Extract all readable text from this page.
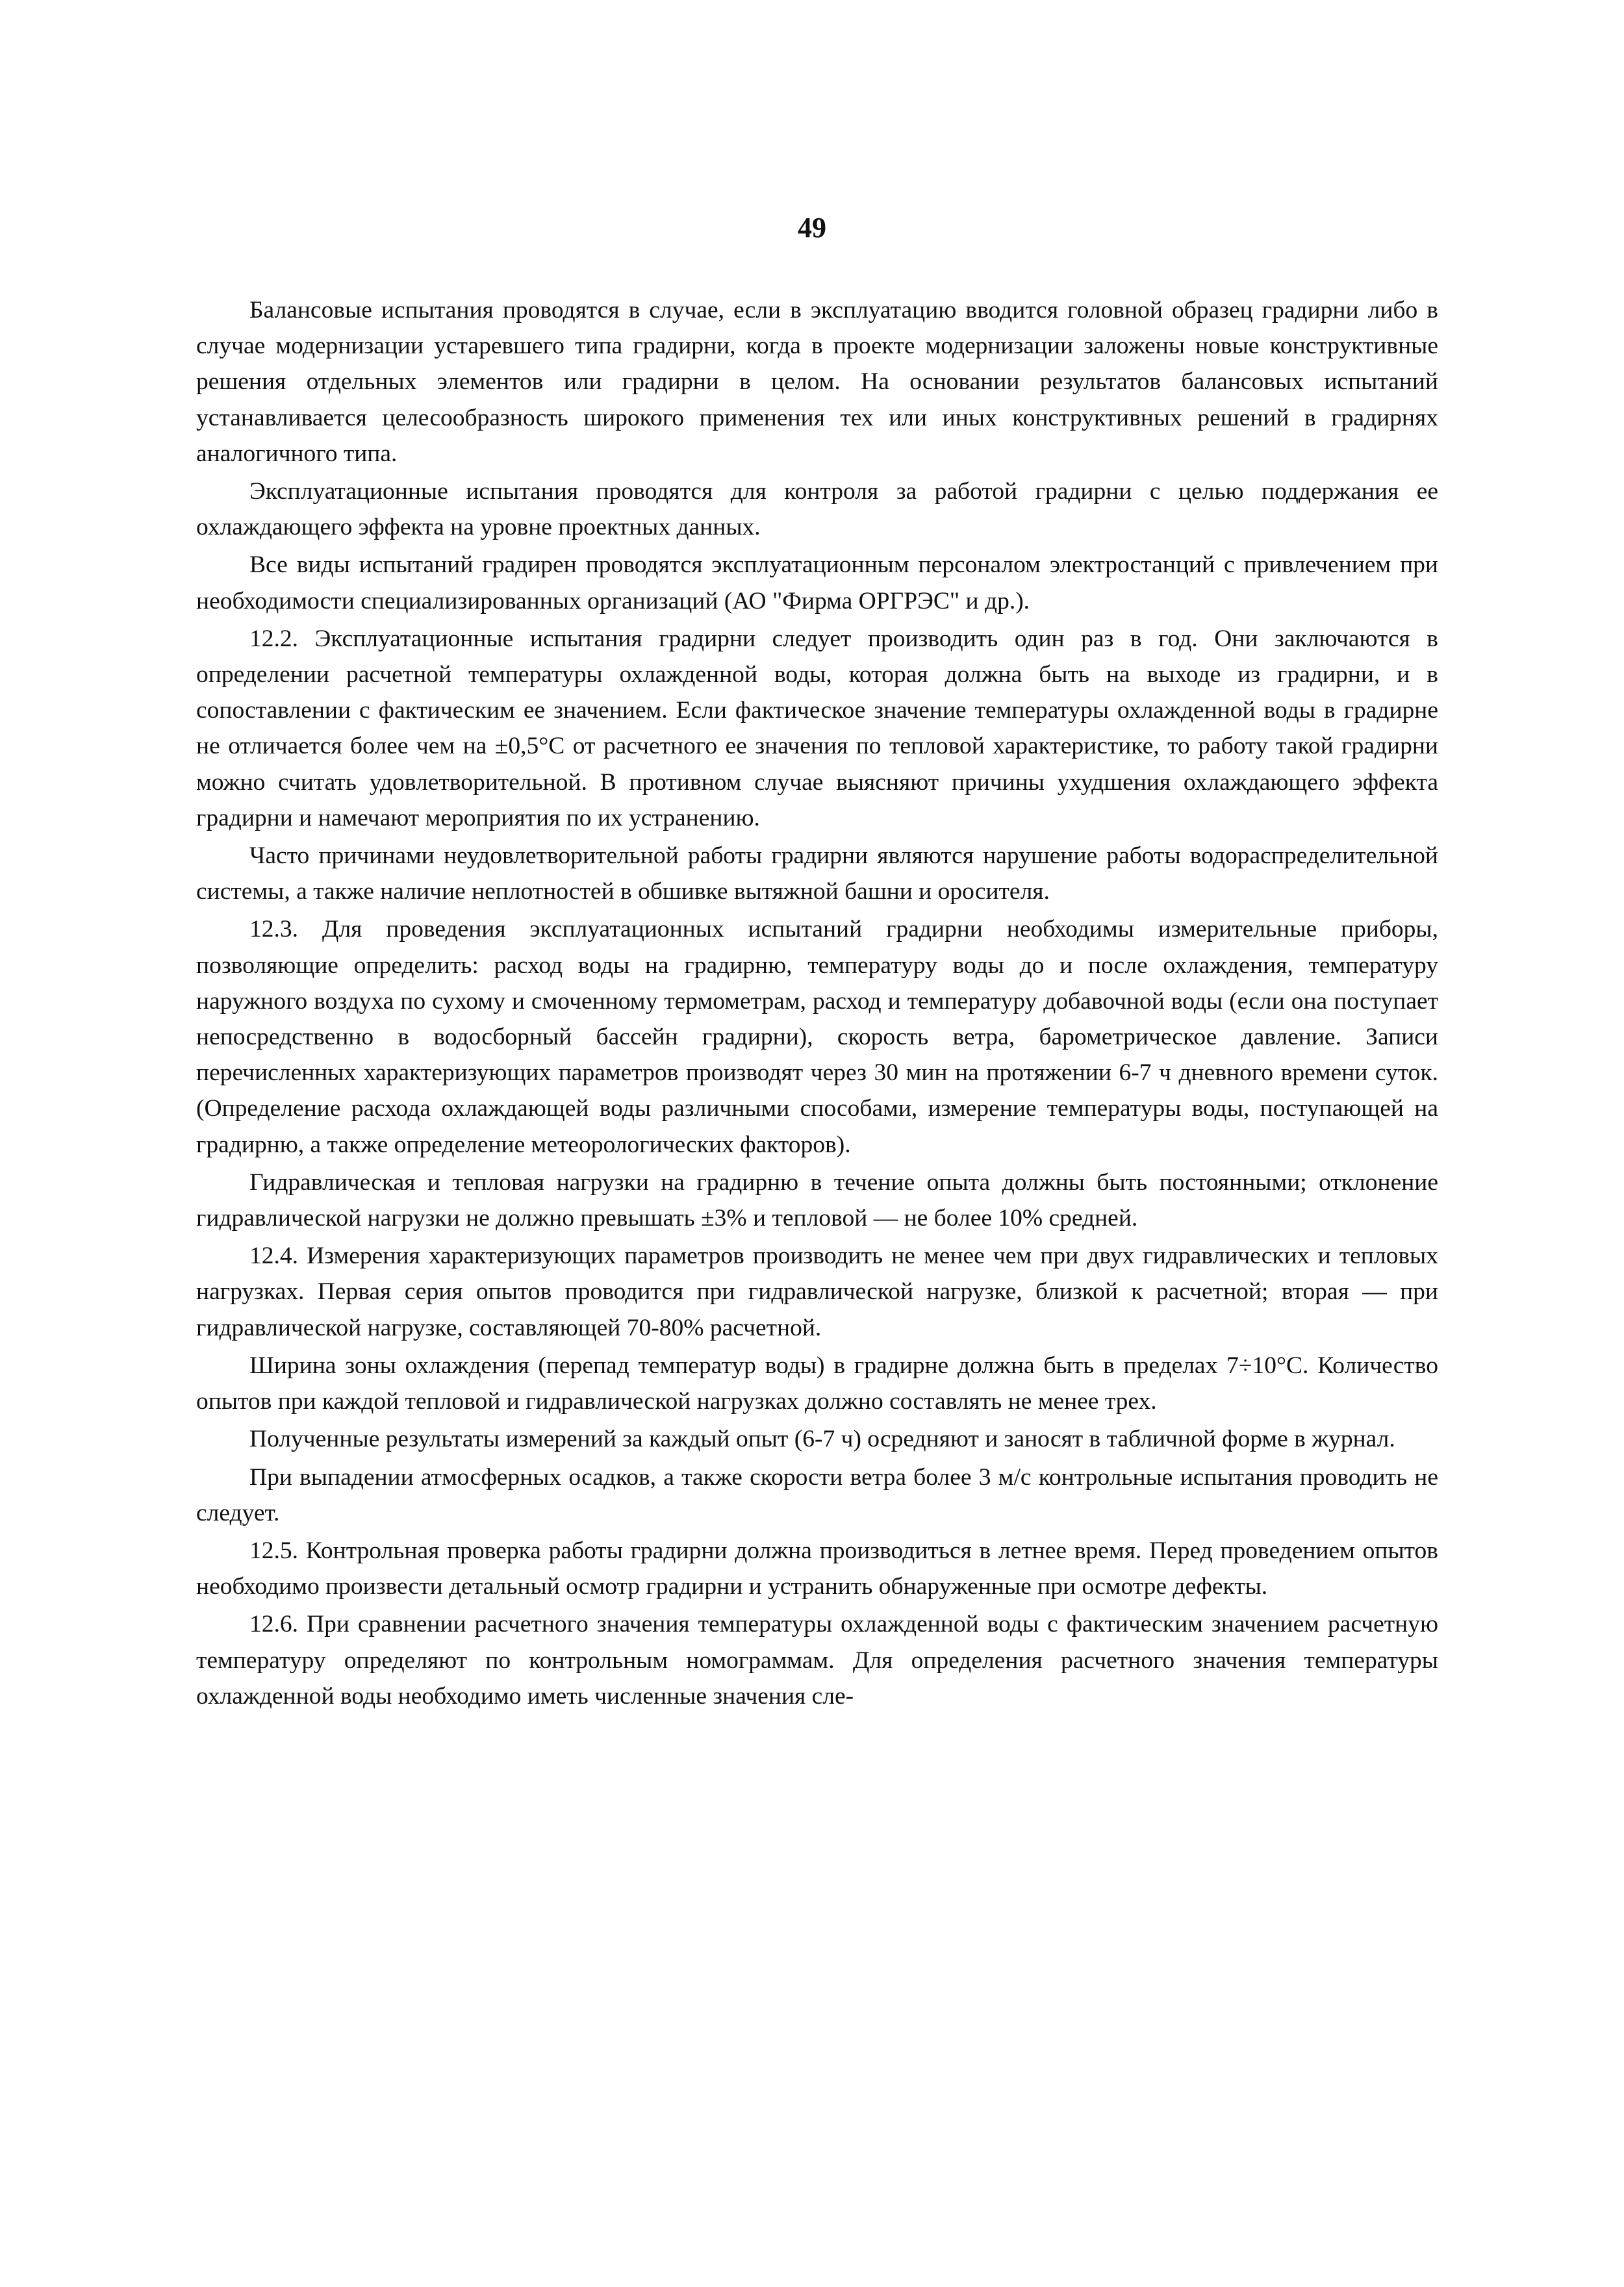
49

Балансовые испытания проводятся в случае, если в эксплуатацию вводится головной образец градирни либо в случае модернизации устаревшего типа градирни, когда в проекте модернизации заложены новые конструктивные решения отдельных элементов или градирни в целом. На основании результатов балансовых испытаний устанавливается целесообразность широкого применения тех или иных конструктивных решений в градирнях аналогичного типа.

Эксплуатационные испытания проводятся для контроля за работой градирни с целью поддержания ее охлаждающего эффекта на уровне проектных данных.

Все виды испытаний градирен проводятся эксплуатационным персоналом электростанций с привлечением при необходимости специализированных организаций (АО "Фирма ОРГРЭС" и др.).

12.2. Эксплуатационные испытания градирни следует производить один раз в год. Они заключаются в определении расчетной температуры охлажденной воды, которая должна быть на выходе из градирни, и в сопоставлении с фактическим ее значением. Если фактическое значение температуры охлажденной воды в градирне не отличается более чем на ±0,5°С от расчетного ее значения по тепловой характеристике, то работу такой градирни можно считать удовлетворительной. В противном случае выясняют причины ухудшения охлаждающего эффекта градирни и намечают мероприятия по их устранению.

Часто причинами неудовлетворительной работы градирни являются нарушение работы водораспределительной системы, а также наличие неплотностей в обшивке вытяжной башни и оросителя.

12.3. Для проведения эксплуатационных испытаний градирни необходимы измерительные приборы, позволяющие определить: расход воды на градирню, температуру воды до и после охлаждения, температуру наружного воздуха по сухому и смоченному термометрам, расход и температуру добавочной воды (если она поступает непосредственно в водосборный бассейн градирни), скорость ветра, барометрическое давление. Записи перечисленных характеризующих параметров производят через 30 мин на протяжении 6-7 ч дневного времени суток. (Определение расхода охлаждающей воды различными способами, измерение температуры воды, поступающей на градирню, а также определение метеорологических факторов).

Гидравлическая и тепловая нагрузки на градирню в течение опыта должны быть постоянными; отклонение гидравлической нагрузки не должно превышать ±3% и тепловой — не более 10% средней.

12.4. Измерения характеризующих параметров производить не менее чем при двух гидравлических и тепловых нагрузках. Первая серия опытов проводится при гидравлической нагрузке, близкой к расчетной; вторая — при гидравлической нагрузке, составляющей 70-80% расчетной.

Ширина зоны охлаждения (перепад температур воды) в градирне должна быть в пределах 7÷10°С. Количество опытов при каждой тепловой и гидравлической нагрузках должно составлять не менее трех.

Полученные результаты измерений за каждый опыт (6-7 ч) осредняют и заносят в табличной форме в журнал.

При выпадении атмосферных осадков, а также скорости ветра более 3 м/с контрольные испытания проводить не следует.

12.5. Контрольная проверка работы градирни должна производиться в летнее время. Перед проведением опытов необходимо произвести детальный осмотр градирни и устранить обнаруженные при осмотре дефекты.

12.6. При сравнении расчетного значения температуры охлажденной воды с фактическим значением расчетную температуру определяют по контрольным номограммам. Для определения расчетного значения температуры охлажденной воды необходимо иметь численные значения сле-
